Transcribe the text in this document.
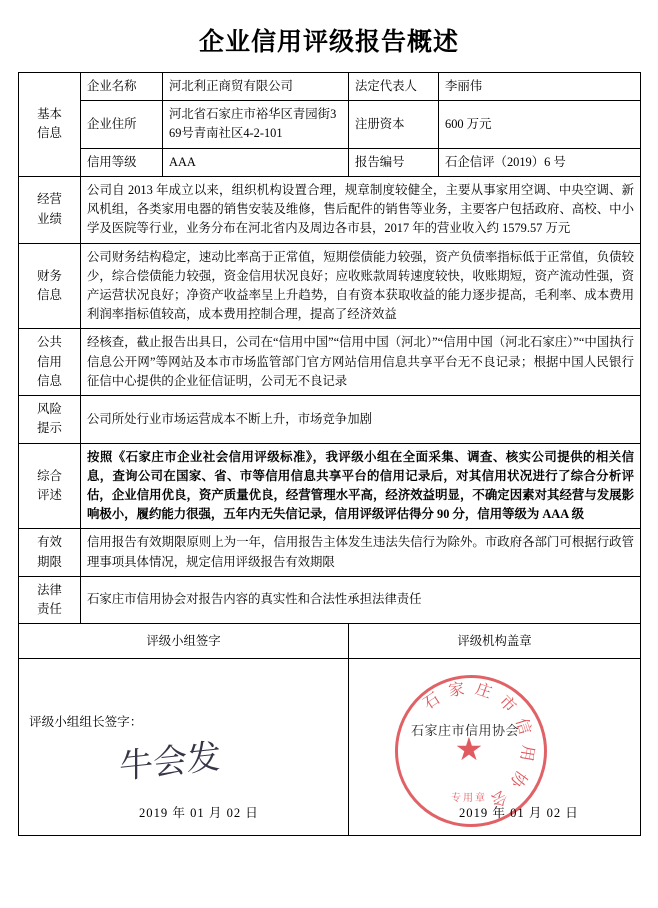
企业信用评级报告概述
基本
信息	企业名称	河北利正商贸有限公司	法定代表人	李丽伟
	企业住所	河北省石家庄市裕华区青园街369号青南社区4-2-101	注册资本	600 万元
	信用等级	AAA	报告编号	石企信评（2019）6 号

经营
业绩	公司自 2013 年成立以来，组织机构设置合理，规章制度较健全，主要从事家用空调、中央空调、新风机组，各类家用电器的销售安装及维修，售后配件的销售等业务，主要客户包括政府、高校、中小学及医院等行业，业务分布在河北省内及周边各市县，2017 年的营业收入约 1579.57 万元			

财务
信息	公司财务结构稳定，速动比率高于正常值，短期偿债能力较强，资产负债率指标低于正常值，负债较少，综合偿债能力较强，资金信用状况良好；应收账款周转速度较快，收账期短，资产流动性强，资产运营状况良好；净资产收益率呈上升趋势，自有资本获取收益的能力逐步提高，毛利率、成本费用利润率指标值较高，成本费用控制合理，提高了经济效益			

公共
信用
信息	经核查，截止报告出具日，公司在“信用中国”“信用中国（河北）”“信用中国（河北石家庄）”“中国执行信息公开网”等网站及本市市场监管部门官方网站信用信息共享平台无不良记录；根据中国人民银行征信中心提供的企业征信证明，公司无不良记录			

风险
提示	公司所处行业市场运营成本不断上升，市场竞争加剧			

综合
评述	按照《石家庄市企业社会信用评级标准》，我评级小组在全面采集、调查、核实公司提供的相关信息，查询公司在国家、省、市等信用信息共享平台的信用记录后，对其信用状况进行了综合分析评估，企业信用优良，资产质量优良，经营管理水平高，经济效益明显，不确定因素对其经营与发展影响极小，履约能力很强，五年内无失信记录，信用评级评估得分 90 分，信用等级为 AAA 级			

有效
期限	信用报告有效期限原则上为一年，信用报告主体发生违法失信行为除外。市政府各部门可根据行政管理事项具体情况，规定信用评级报告有效期限			

法律
责任	石家庄市信用协会对报告内容的真实性和合法性承担法律责任			
评级小组签字			评级机构盖章	

评级小组组长签字：
牛会发
2019 年 01 月 02 日

石家庄市信用协会
石家庄市信用协会
★
专用章
2019 年 01 月 02 日
